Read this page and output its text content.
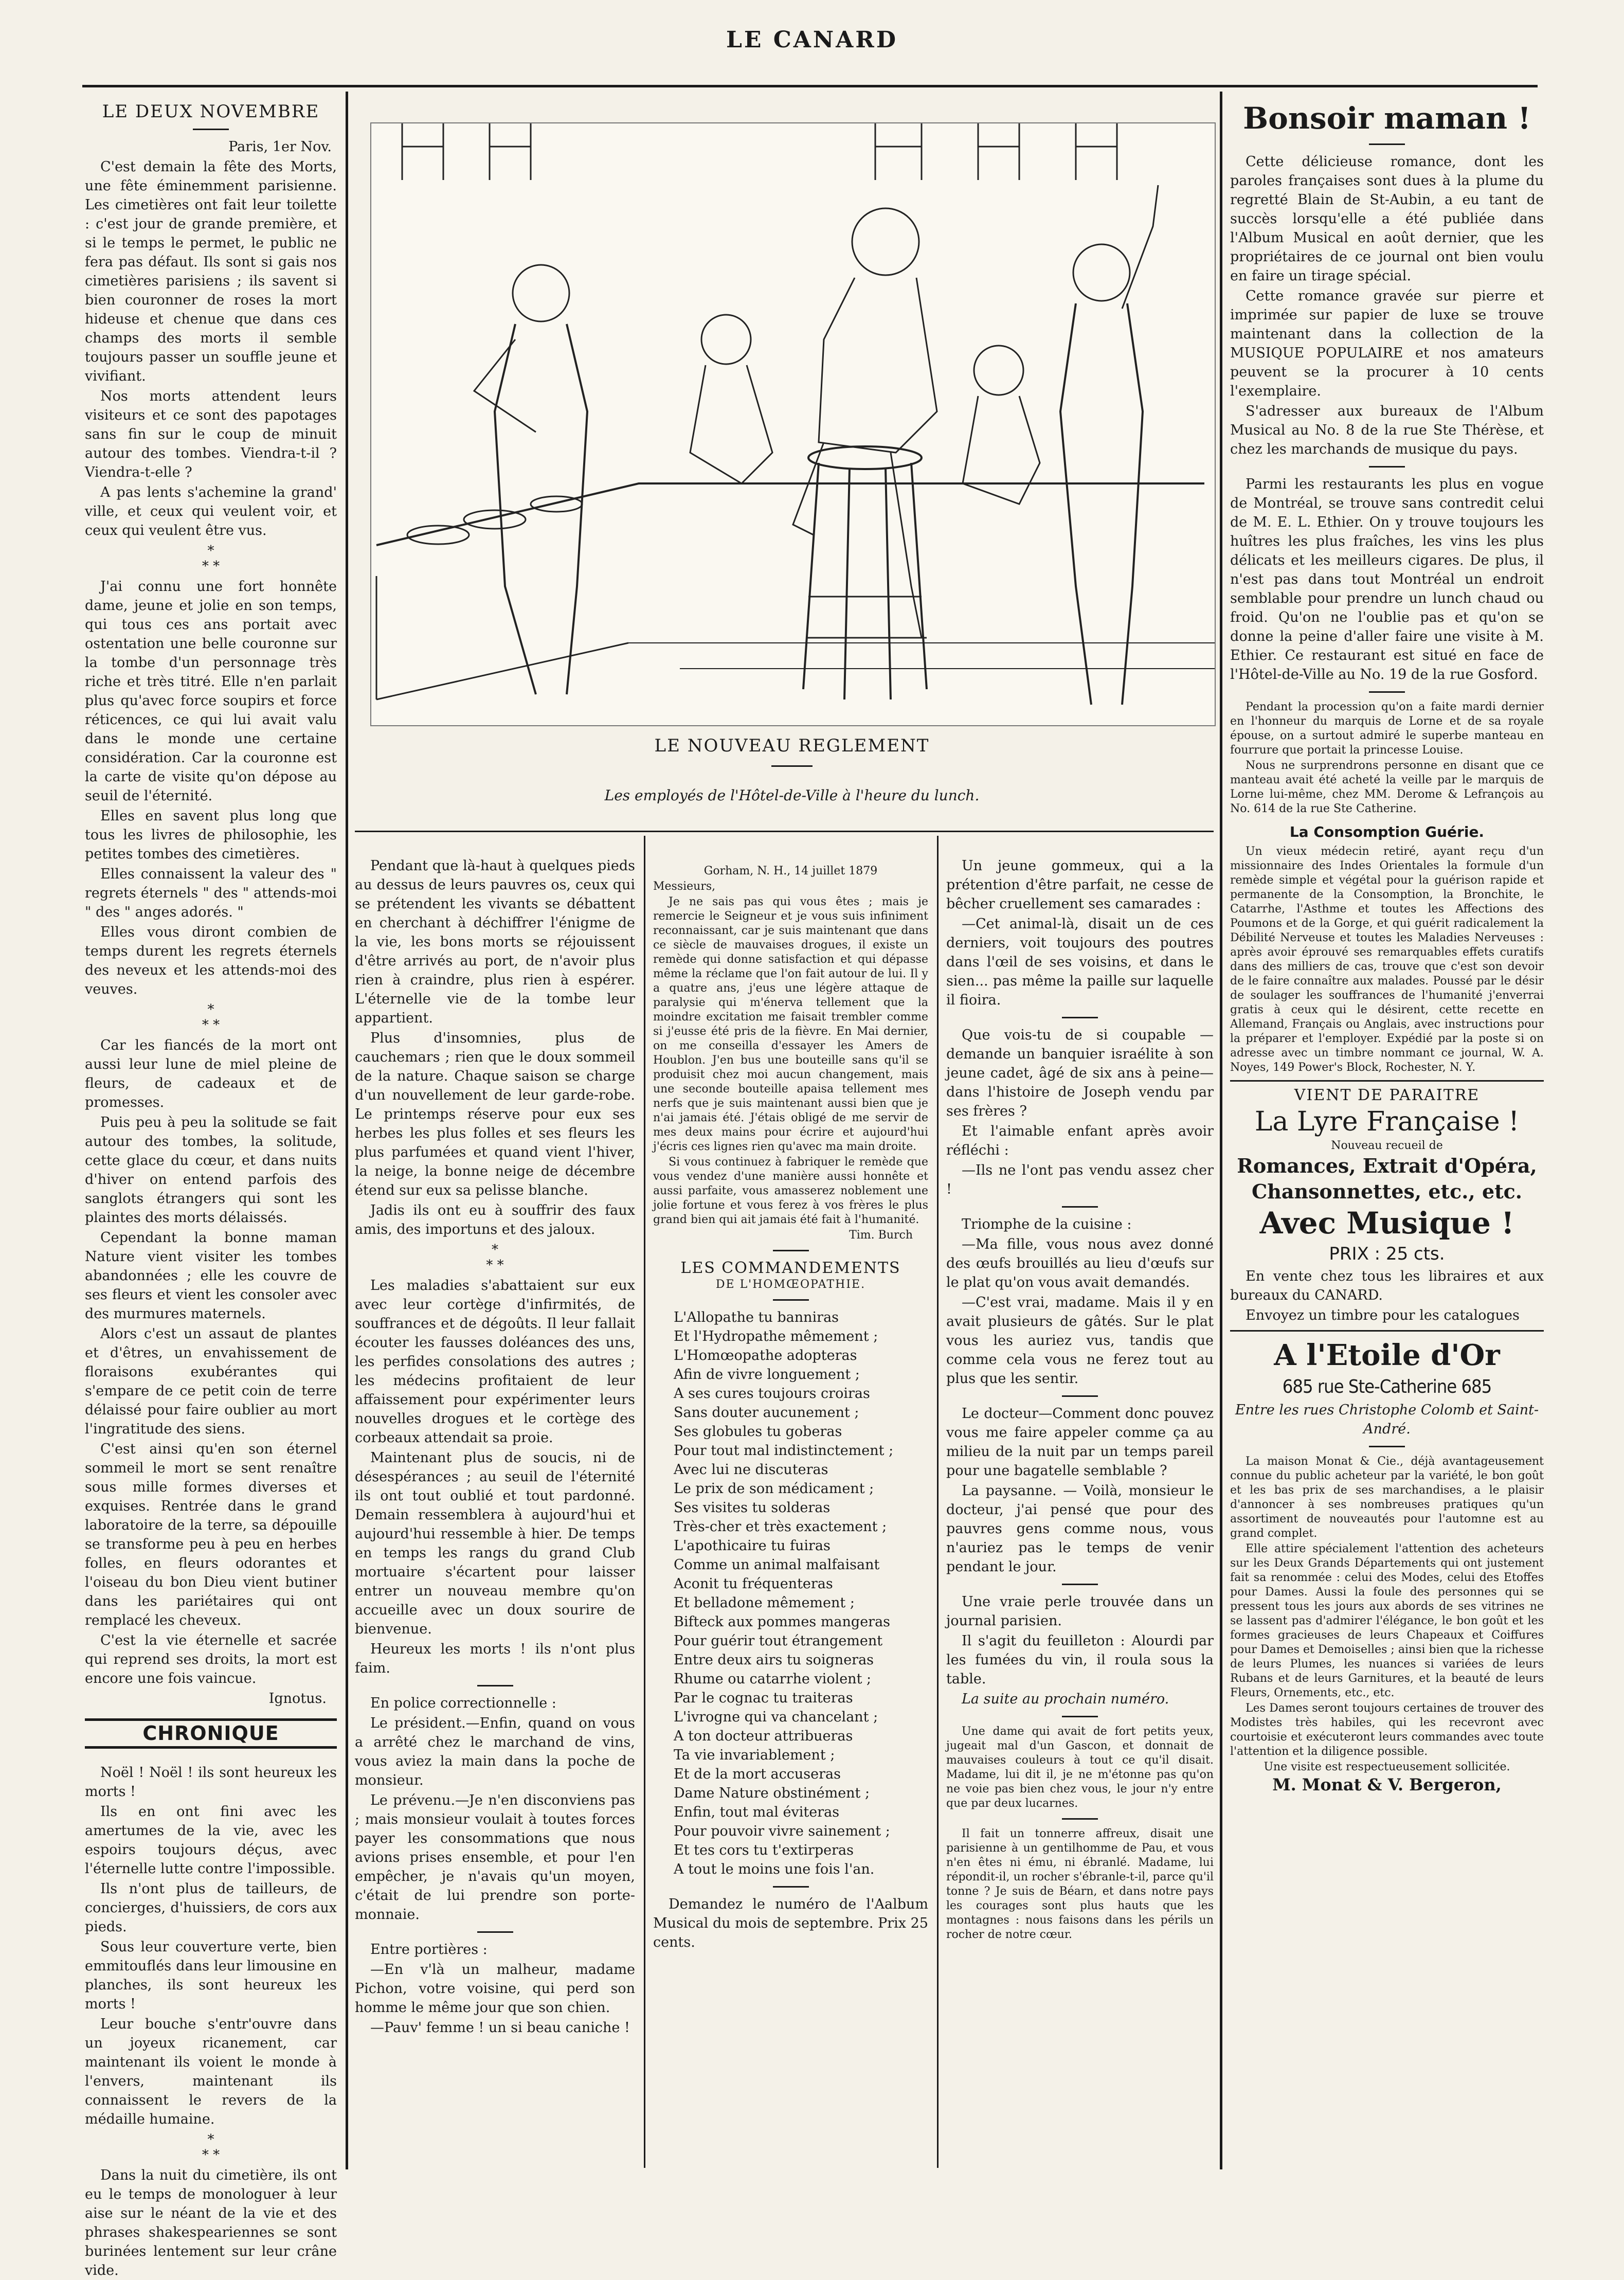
LE CANARD
LE DEUX NOVEMBRE

Paris, 1er Nov.

C'est demain la fête des Morts, une fête éminemment parisienne. Les cimetières ont fait leur toilette : c'est jour de grande première, et si le temps le permet, le public ne fera pas défaut. Ils sont si gais nos cimetières parisiens ; ils savent si bien couronner de roses la mort hideuse et chenue que dans ces champs des morts il semble toujours passer un souffle jeune et vivifiant.

Nos morts attendent leurs visiteurs et ce sont des papotages sans fin sur le coup de minuit autour des tombes. Viendra-t-il ? Viendra-t-elle ?

A pas lents s'achemine la grand' ville, et ceux qui veulent voir, et ceux qui veulent être vus.

*
* *

J'ai connu une fort honnête dame, jeune et jolie en son temps, qui tous ces ans portait avec ostentation une belle couronne sur la tombe d'un personnage très riche et très titré. Elle n'en parlait plus qu'avec force soupirs et force réticences, ce qui lui avait valu dans le monde une certaine considération. Car la couronne est la carte de visite qu'on dépose au seuil de l'éternité.

Elles en savent plus long que tous les livres de philosophie, les petites tombes des cimetières.

Elles connaissent la valeur des " regrets éternels " des " attends-moi " des " anges adorés. "

Elles vous diront combien de temps durent les regrets éternels des neveux et les attends-moi des veuves.

*
* *

Car les fiancés de la mort ont aussi leur lune de miel pleine de fleurs, de cadeaux et de promesses.

Puis peu à peu la solitude se fait autour des tombes, la solitude, cette glace du cœur, et dans nuits d'hiver on entend parfois des sanglots étrangers qui sont les plaintes des morts délaissés.

Cependant la bonne maman Nature vient visiter les tombes abandonnées ; elle les couvre de ses fleurs et vient les consoler avec des murmures maternels.

Alors c'est un assaut de plantes et d'êtres, un envahissement de floraisons exubérantes qui s'empare de ce petit coin de terre délaissé pour faire oublier au mort l'ingratitude des siens.

C'est ainsi qu'en son éternel sommeil le mort se sent renaître sous mille formes diverses et exquises. Rentrée dans le grand laboratoire de la terre, sa dépouille se transforme peu à peu en herbes folles, en fleurs odorantes et l'oiseau du bon Dieu vient butiner dans les pariétaires qui ont remplacé les cheveux.

C'est la vie éternelle et sacrée qui reprend ses droits, la mort est encore une fois vaincue.

Ignotus.

CHRONIQUE

Noël ! Noël ! ils sont heureux les morts !

Ils en ont fini avec les amertumes de la vie, avec les espoirs toujours déçus, avec l'éternelle lutte contre l'impossible.

Ils n'ont plus de tailleurs, de concierges, d'huissiers, de cors aux pieds.

Sous leur couverture verte, bien emmitouflés dans leur limousine en planches, ils sont heureux les morts !

Leur bouche s'entr'ouvre dans un joyeux ricanement, car maintenant ils voient le monde à l'envers, maintenant ils connaissent le revers de la médaille humaine.

*
* *

Dans la nuit du cimetière, ils ont eu le temps de monologuer à leur aise sur le néant de la vie et des phrases shakespeariennes se sont burinées lentement sur leur crâne vide.

LE NOUVEAU REGLEMENT
Les employés de l'Hôtel-de-Ville à l'heure du lunch.

Pendant que là-haut à quelques pieds au dessus de leurs pauvres os, ceux qui se prétendent les vivants se débattent en cherchant à déchiffrer l'énigme de la vie, les bons morts se réjouissent d'être arrivés au port, de n'avoir plus rien à craindre, plus rien à espérer. L'éternelle vie de la tombe leur appartient.

Plus d'insomnies, plus de cauchemars ; rien que le doux sommeil de la nature. Chaque saison se charge d'un nouvellement de leur garde-robe. Le printemps réserve pour eux ses herbes les plus folles et ses fleurs les plus parfumées et quand vient l'hiver, la neige, la bonne neige de décembre étend sur eux sa pelisse blanche.

Jadis ils ont eu à souffrir des faux amis, des importuns et des jaloux.

*
* *

Les maladies s'abattaient sur eux avec leur cortège d'infirmités, de souffrances et de dégoûts. Il leur fallait écouter les fausses doléances des uns, les perfides consolations des autres ; les médecins profitaient de leur affaissement pour expérimenter leurs nouvelles drogues et le cortège des corbeaux attendait sa proie.

Maintenant plus de soucis, ni de désespérances ; au seuil de l'éternité ils ont tout oublié et tout pardonné. Demain ressemblera à aujourd'hui et aujourd'hui ressemble à hier. De temps en temps les rangs du grand Club mortuaire s'écartent pour laisser entrer un nouveau membre qu'on accueille avec un doux sourire de bienvenue.

Heureux les morts ! ils n'ont plus faim.

En police correctionnelle :

Le président.—Enfin, quand on vous a arrêté chez le marchand de vins, vous aviez la main dans la poche de monsieur.

Le prévenu.—Je n'en disconviens pas ; mais monsieur voulait à toutes forces payer les consommations que nous avions prises ensemble, et pour l'en empêcher, je n'avais qu'un moyen, c'était de lui prendre son porte-monnaie.

Entre portières :

—En v'là un malheur, madame Pichon, votre voisine, qui perd son homme le même jour que son chien.

—Pauv' femme ! un si beau caniche !

Gorham, N. H., 14 juillet 1879

Messieurs,

Je ne sais pas qui vous êtes ; mais je remercie le Seigneur et je vous suis infiniment reconnaissant, car je suis maintenant que dans ce siècle de mauvaises drogues, il existe un remède qui donne satisfaction et qui dépasse même la réclame que l'on fait autour de lui. Il y a quatre ans, j'eus une légère attaque de paralysie qui m'énerva tellement que la moindre excitation me faisait trembler comme si j'eusse été pris de la fièvre. En Mai dernier, on me conseilla d'essayer les Amers de Houblon. J'en bus une bouteille sans qu'il se produisit chez moi aucun changement, mais une seconde bouteille apaisa tellement mes nerfs que je suis maintenant aussi bien que je n'ai jamais été. J'étais obligé de me servir de mes deux mains pour écrire et aujourd'hui j'écris ces lignes rien qu'avec ma main droite.

Si vous continuez à fabriquer le remède que vous vendez d'une manière aussi honnête et aussi parfaite, vous amasserez noblement une jolie fortune et vous ferez à vos frères le plus grand bien qui ait jamais été fait à l'humanité.

Tim. Burch

LES COMMANDEMENTS
DE L'HOMŒOPATHIE.

L'Allopathe tu banniras

Et l'Hydropathe mêmement ;

L'Homœopathe adopteras

Afin de vivre longuement ;

A ses cures toujours croiras

Sans douter aucunement ;

Ses globules tu goberas

Pour tout mal indistinctement ;

Avec lui ne discuteras

Le prix de son médicament ;

Ses visites tu solderas

Très-cher et très exactement ;

L'apothicaire tu fuiras

Comme un animal malfaisant

Aconit tu fréquenteras

Et belladone mêmement ;

Bifteck aux pommes mangeras

Pour guérir tout étrangement

Entre deux airs tu soigneras

Rhume ou catarrhe violent ;

Par le cognac tu traiteras

L'ivrogne qui va chancelant ;

A ton docteur attribueras

Ta vie invariablement ;

Et de la mort accuseras

Dame Nature obstinément ;

Enfin, tout mal éviteras

Pour pouvoir vivre sainement ;

Et tes cors tu t'extirperas

A tout le moins une fois l'an.

Demandez le numéro de l'Aalbum Musical du mois de septembre. Prix 25 cents.

Un jeune gommeux, qui a la prétention d'être parfait, ne cesse de bêcher cruellement ses camarades :

—Cet animal-là, disait un de ces derniers, voit toujours des poutres dans l'œil de ses voisins, et dans le sien... pas même la paille sur laquelle il fioira.

Que vois-tu de si coupable — demande un banquier israélite à son jeune cadet, âgé de six ans à peine— dans l'histoire de Joseph vendu par ses frères ?

Et l'aimable enfant après avoir réfléchi :

—Ils ne l'ont pas vendu assez cher !

Triomphe de la cuisine :

—Ma fille, vous nous avez donné des œufs brouillés au lieu d'œufs sur le plat qu'on vous avait demandés.

—C'est vrai, madame. Mais il y en avait plusieurs de gâtés. Sur le plat vous les auriez vus, tandis que comme cela vous ne ferez tout au plus que les sentir.

Le docteur—Comment donc pouvez vous me faire appeler comme ça au milieu de la nuit par un temps pareil pour une bagatelle semblable ?

La paysanne. — Voilà, monsieur le docteur, j'ai pensé que pour des pauvres gens comme nous, vous n'auriez pas le temps de venir pendant le jour.

Une vraie perle trouvée dans un journal parisien.

Il s'agit du feuilleton : Alourdi par les fumées du vin, il roula sous la table.

La suite au prochain numéro.

Une dame qui avait de fort petits yeux, jugeait mal d'un Gascon, et donnait de mauvaises couleurs à tout ce qu'il disait. Madame, lui dit il, je ne m'étonne pas qu'on ne voie pas bien chez vous, le jour n'y entre que par deux lucarnes.

Il fait un tonnerre affreux, disait une parisienne à un gentilhomme de Pau, et vous n'en êtes ni ému, ni ébranlé. Madame, lui répondit-il, un rocher s'ébranle-t-il, parce qu'il tonne ? Je suis de Béarn, et dans notre pays les courages sont plus hauts que les montagnes : nous faisons dans les périls un rocher de notre cœur.

Bonsoir maman !

Cette délicieuse romance, dont les paroles françaises sont dues à la plume du regretté Blain de St-Aubin, a eu tant de succès lorsqu'elle a été publiée dans l'Album Musical en août dernier, que les propriétaires de ce journal ont bien voulu en faire un tirage spécial.

Cette romance gravée sur pierre et imprimée sur papier de luxe se trouve maintenant dans la collection de la MUSIQUE POPULAIRE et nos amateurs peuvent se la procurer à 10 cents l'exemplaire.

S'adresser aux bureaux de l'Album Musical au No. 8 de la rue Ste Thérèse, et chez les marchands de musique du pays.

Parmi les restaurants les plus en vogue de Montréal, se trouve sans contredit celui de M. E. L. Ethier. On y trouve toujours les huîtres les plus fraîches, les vins les plus délicats et les meilleurs cigares. De plus, il n'est pas dans tout Montréal un endroit semblable pour prendre un lunch chaud ou froid. Qu'on ne l'oublie pas et qu'on se donne la peine d'aller faire une visite à M. Ethier. Ce restaurant est situé en face de l'Hôtel-de-Ville au No. 19 de la rue Gosford.

Pendant la procession qu'on a faite mardi dernier en l'honneur du marquis de Lorne et de sa royale épouse, on a surtout admiré le superbe manteau en fourrure que portait la princesse Louise.

Nous ne surprendrons personne en disant que ce manteau avait été acheté la veille par le marquis de Lorne lui-même, chez MM. Derome & Lefrançois au No. 614 de la rue Ste Catherine.

La Consomption Guérie.

Un vieux médecin retiré, ayant reçu d'un missionnaire des Indes Orientales la formule d'un remède simple et végétal pour la guérison rapide et permanente de la Consomption, la Bronchite, le Catarrhe, l'Asthme et toutes les Affections des Poumons et de la Gorge, et qui guérit radicalement la Débilité Nerveuse et toutes les Maladies Nerveuses : après avoir éprouvé ses remarquables effets curatifs dans des milliers de cas, trouve que c'est son devoir de le faire connaître aux malades. Poussé par le désir de soulager les souffrances de l'humanité j'enverrai gratis à ceux qui le désirent, cette recette en Allemand, Français ou Anglais, avec instructions pour la préparer et l'employer. Expédié par la poste si on adresse avec un timbre nommant ce journal, W. A. Noyes, 149 Power's Block, Rochester, N. Y.

VIENT DE PARAITRE
La Lyre Française !
Nouveau recueil de
Romances, Extrait d'Opéra,
Chansonnettes, etc., etc.
Avec Musique !
PRIX : 25 cts.

En vente chez tous les libraires et aux bureaux du CANARD.

Envoyez un timbre pour les catalogues

A l'Etoile d'Or
685 rue Ste-Catherine 685
Entre les rues Christophe Colomb et Saint-André.

La maison Monat & Cie., déjà avantageusement connue du public acheteur par la variété, le bon goût et les bas prix de ses marchandises, a le plaisir d'annoncer à ses nombreuses pratiques qu'un assortiment de nouveautés pour l'automne est au grand complet.

Elle attire spécialement l'attention des acheteurs sur les Deux Grands Départements qui ont justement fait sa renommée : celui des Modes, celui des Etoffes pour Dames. Aussi la foule des personnes qui se pressent tous les jours aux abords de ses vitrines ne se lassent pas d'admirer l'élégance, le bon goût et les formes gracieuses de leurs Chapeaux et Coiffures pour Dames et Demoiselles ; ainsi bien que la richesse de leurs Plumes, les nuances si variées de leurs Rubans et de leurs Garnitures, et la beauté de leurs Fleurs, Ornements, etc., etc.

Les Dames seront toujours certaines de trouver des Modistes très habiles, qui les recevront avec courtoisie et exécuteront leurs commandes avec toute l'attention et la diligence possible.

Une visite est respectueusement sollicitée.

M. Monat & V. Bergeron,
